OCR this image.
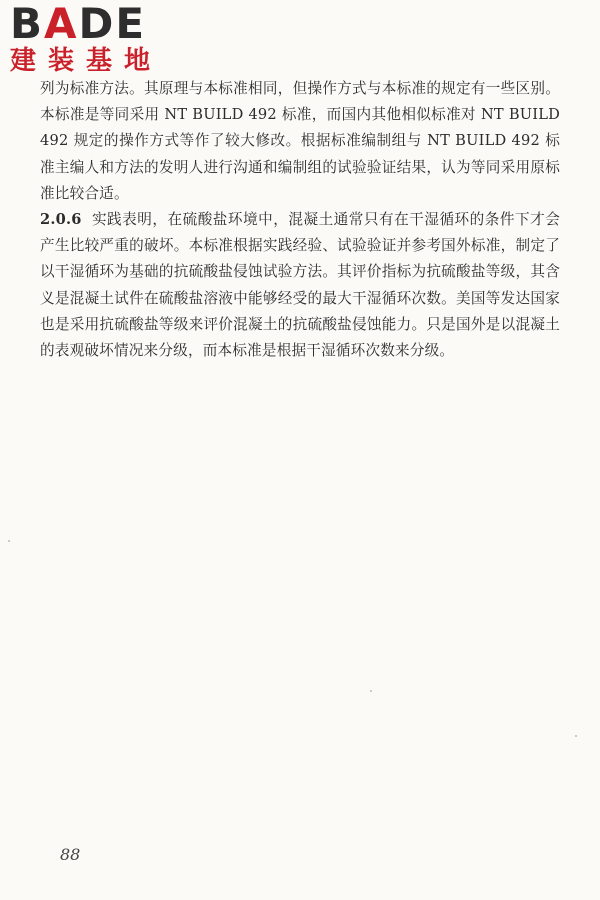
BADE
建装基地

列为标准方法。其原理与本标准相同，但操作方式与本标准的规定有一些区别。本标准是等同采用 NT BUILD 492 标准，而国内其他相似标准对 NT BUILD 492 规定的操作方式等作了较大修改。根据标准编制组与 NT BUILD 492 标准主编人和方法的发明人进行沟通和编制组的试验验证结果，认为等同采用原标准比较合适。

2.0.6 实践表明，在硫酸盐环境中，混凝土通常只有在干湿循环的条件下才会产生比较严重的破坏。本标准根据实践经验、试验验证并参考国外标准，制定了以干湿循环为基础的抗硫酸盐侵蚀试验方法。其评价指标为抗硫酸盐等级，其含义是混凝土试件在硫酸盐溶液中能够经受的最大干湿循环次数。美国等发达国家也是采用抗硫酸盐等级来评价混凝土的抗硫酸盐侵蚀能力。只是国外是以混凝土的表观破坏情况来分级，而本标准是根据干湿循环次数来分级。

88
